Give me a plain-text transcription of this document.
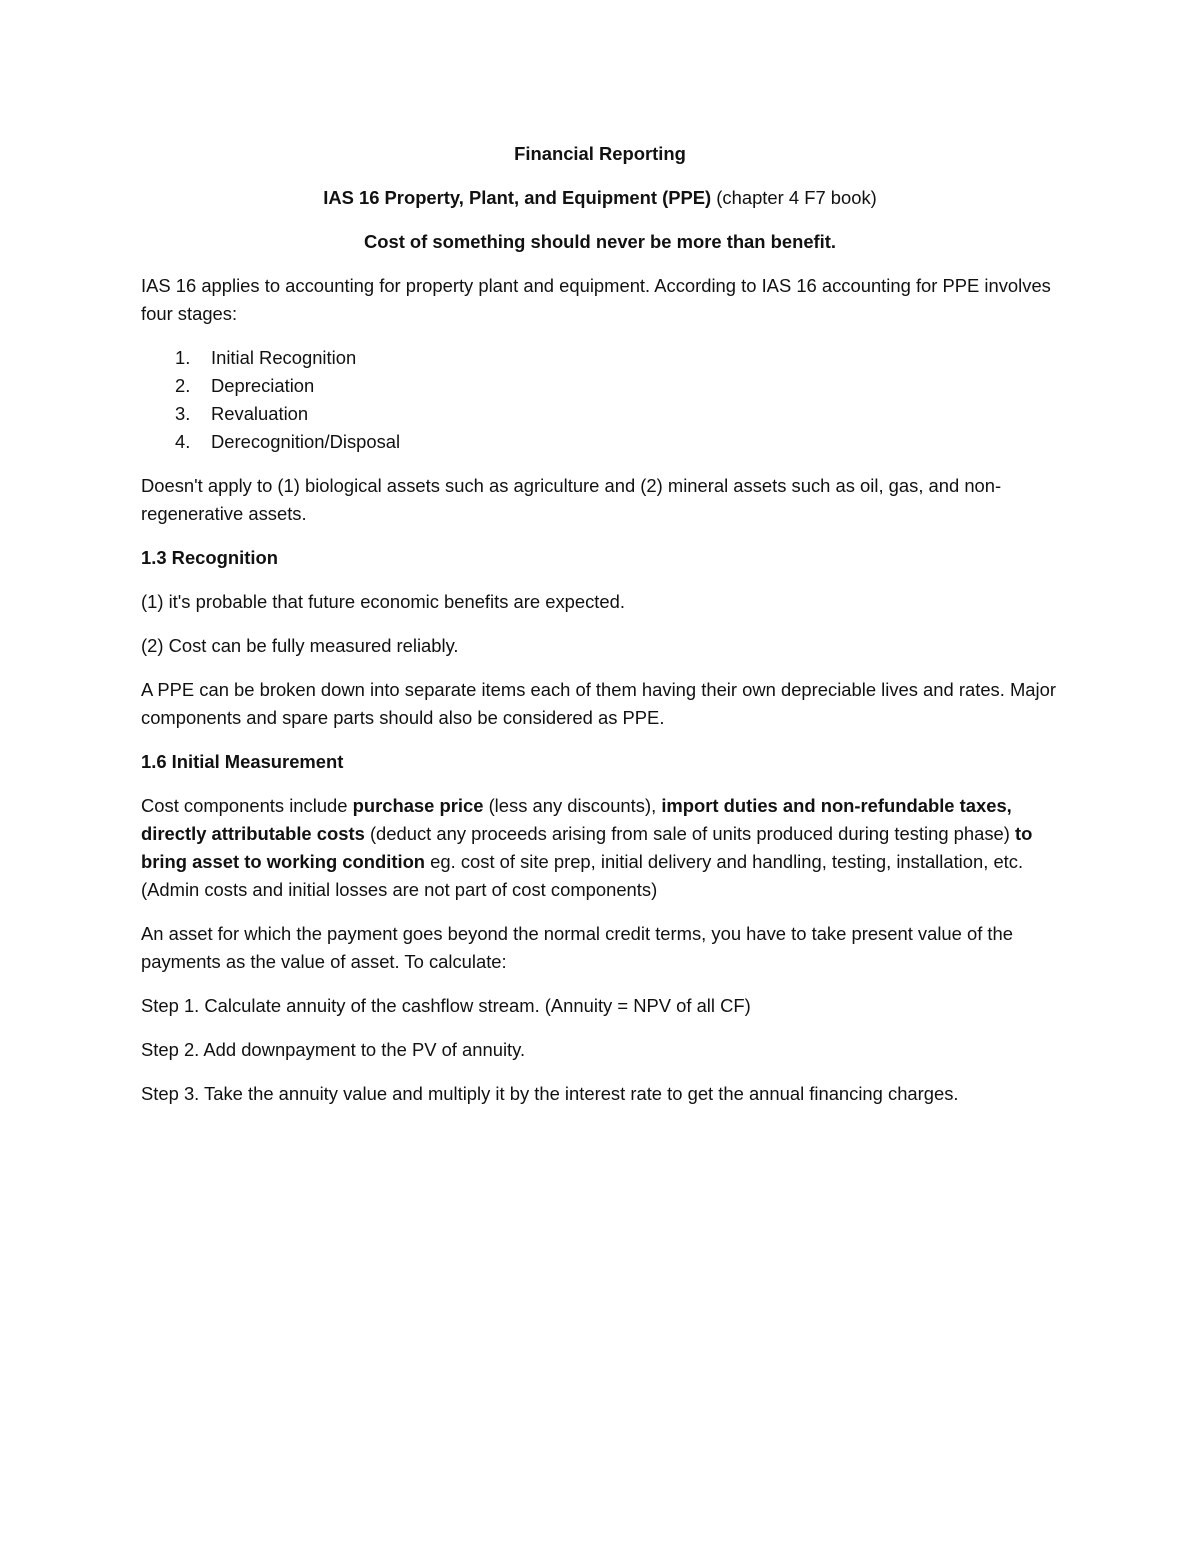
Financial Reporting
IAS 16 Property, Plant, and Equipment (PPE) (chapter 4 F7 book)
Cost of something should never be more than benefit.

IAS 16 applies to accounting for property plant and equipment. According to IAS 16 accounting for PPE involves four stages:

1. Initial Recognition
2. Depreciation
3. Revaluation
4. Derecognition/Disposal

Doesn't apply to (1) biological assets such as agriculture and (2) mineral assets such as oil, gas, and non-regenerative assets.

1.3 Recognition

(1) it's probable that future economic benefits are expected.

(2) Cost can be fully measured reliably.

A PPE can be broken down into separate items each of them having their own depreciable lives and rates. Major components and spare parts should also be considered as PPE.

1.6 Initial Measurement

Cost components include purchase price (less any discounts), import duties and non-refundable taxes, directly attributable costs (deduct any proceeds arising from sale of units produced during testing phase) to bring asset to working condition eg. cost of site prep, initial delivery and handling, testing, installation, etc. (Admin costs and initial losses are not part of cost components)

An asset for which the payment goes beyond the normal credit terms, you have to take present value of the payments as the value of asset. To calculate:

Step 1. Calculate annuity of the cashflow stream. (Annuity = NPV of all CF)

Step 2. Add downpayment to the PV of annuity.

Step 3. Take the annuity value and multiply it by the interest rate to get the annual financing charges.
